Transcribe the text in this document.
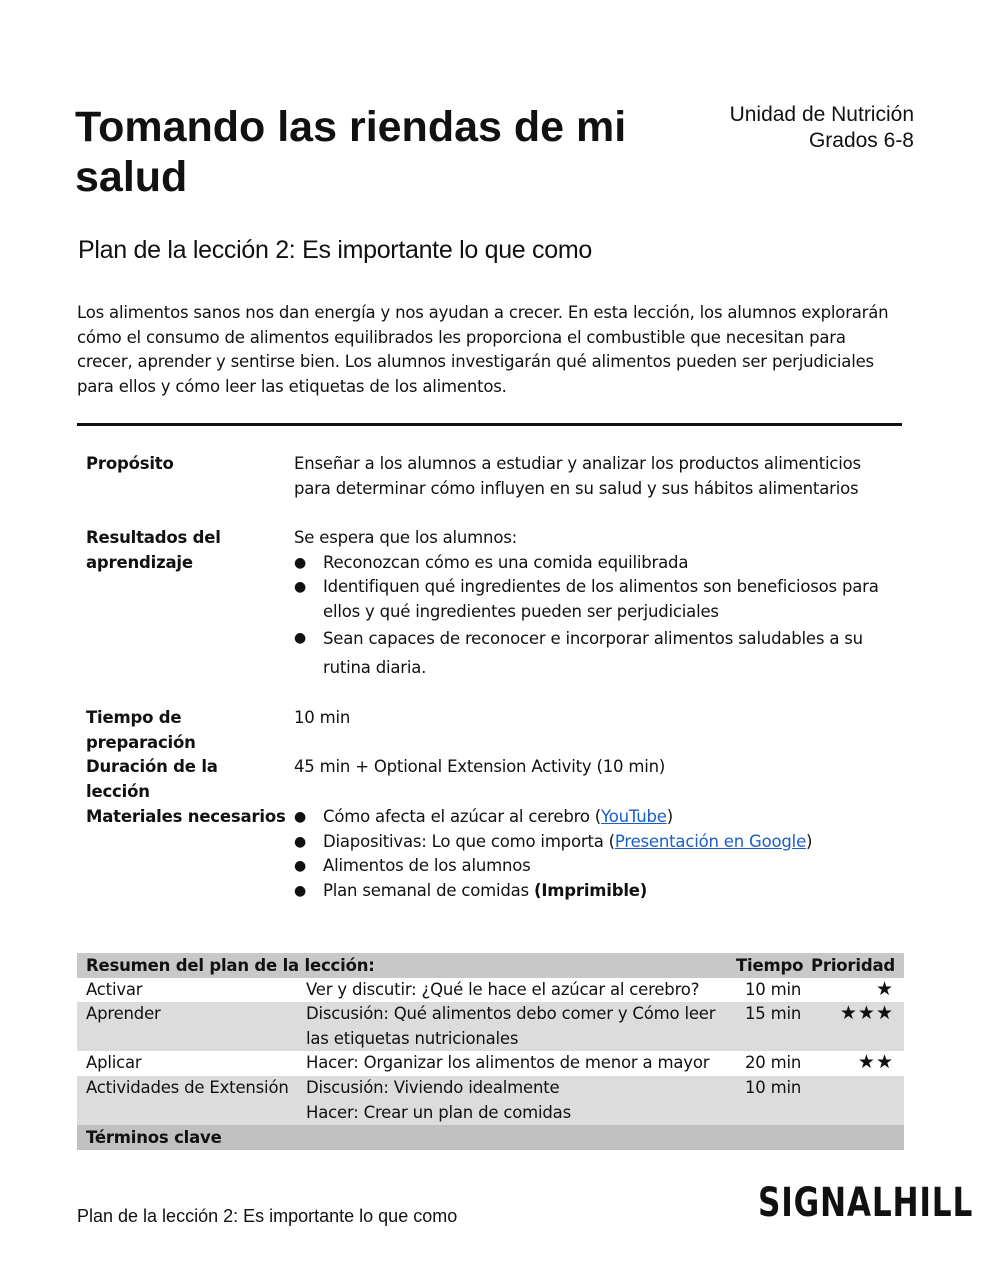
Tomando las riendas de mi salud
Unidad de Nutrición
Grados 6-8
Plan de la lección 2: Es importante lo que como

Los alimentos sanos nos dan energía y nos ayudan a crecer. En esta lección, los alumnos explorarán cómo el consumo de alimentos equilibrados les proporciona el combustible que necesitan para crecer, aprender y sentirse bien. Los alumnos investigarán qué alimentos pueden ser perjudiciales para ellos y cómo leer las etiquetas de los alimentos.

Propósito	Enseñar a los alumnos a estudiar y analizar los productos alimenticios para determinar cómo influyen en su salud y sus hábitos alimentarios
Resultados del aprendizaje
Se espera que los alumnos:
● Reconozcan cómo es una comida equilibrada
● Identifiquen qué ingredientes de los alimentos son beneficiosos para ellos y qué ingredientes pueden ser perjudiciales
● Sean capaces de reconocer e incorporar alimentos saludables a su rutina diaria.
Tiempo de preparación
10 min
Duración de la lección
45 min + Optional Extension Activity (10 min)
Materiales necesarios
●	Cómo afecta el azúcar al cerebro (YouTube)
● Diapositivas: Lo que como importa (Presentación en Google)
● Alimentos de los alumnos
● Plan semanal de comidas (Imprimible)
Resumen del plan de la lección:	Tiempo Prioridad
Activar	Ver y discutir: ¿Qué le hace el azúcar al cerebro?	10 min	★
Aprender	Discusión: Qué alimentos debo comer y Cómo leer las etiquetas nutricionales
15 min ★★★
Aplicar	Hacer: Organizar los alimentos de menor a mayor	20 min	★★
Actividades de Extensión Discusión: Viviendo idealmente
Hacer: Crear un plan de comidas
10 min
Términos clave
Plan de la lección 2: Es importante lo que como	SIGNALHILL
